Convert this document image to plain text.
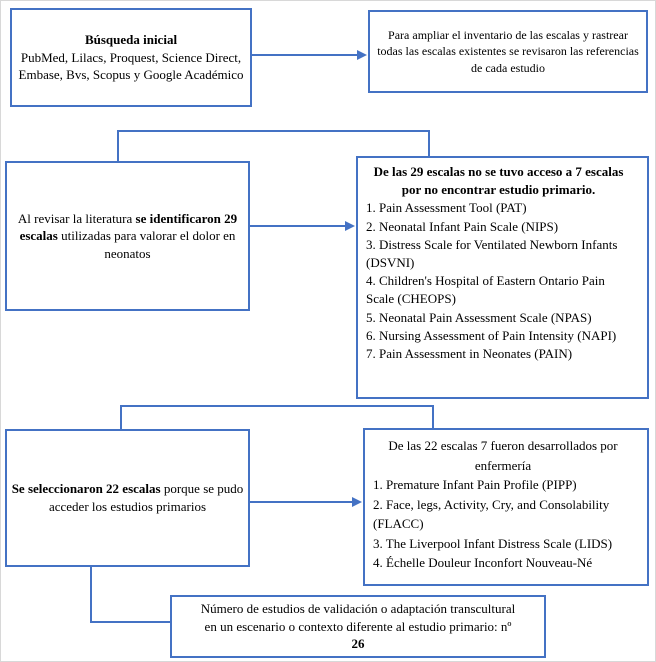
Búsqueda inicial
PubMed, Lilacs, Proquest, Science Direct, Embase, Bvs, Scopus y Google Académico
Para ampliar el inventario de las escalas y rastrear todas las escalas existentes se revisaron las referencias de cada estudio
Al revisar la literatura se identificaron 29 escalas utilizadas para valorar el dolor en neonatos
De las 29 escalas no se tuvo acceso a 7 escalas por no encontrar estudio primario.
1. Pain Assessment Tool (PAT)
2. Neonatal Infant Pain Scale (NIPS)
3. Distress Scale for Ventilated Newborn Infants (DSVNI)
4. Children's Hospital of Eastern Ontario Pain Scale (CHEOPS)
5. Neonatal Pain Assessment Scale (NPAS)
6. Nursing Assessment of Pain Intensity (NAPI)
7. Pain Assessment in Neonates (PAIN)
Se seleccionaron 22 escalas porque se pudo acceder los estudios primarios
De las 22 escalas 7 fueron desarrollados por enfermería
1. Premature Infant Pain Profile (PIPP)
2. Face, legs, Activity, Cry, and Consolability (FLACC)
3. The Liverpool Infant Distress Scale (LIDS)
4. Échelle Douleur Inconfort Nouveau-Né
Número de estudios de validación o adaptación transcultural
en un escenario o contexto diferente al estudio primario: nº
26
